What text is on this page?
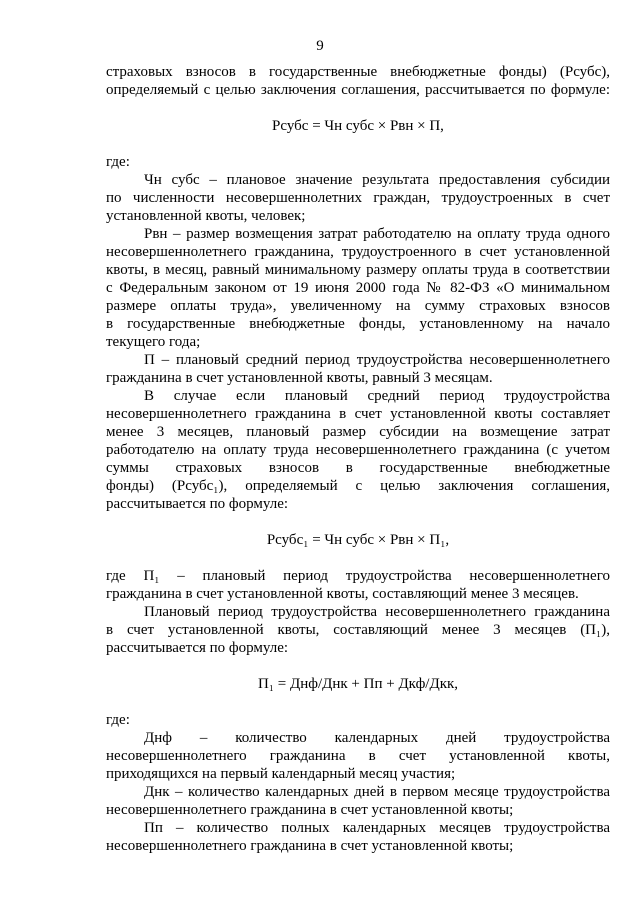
9
страховых взносов в государственные внебюджетные фонды) (Рсубс),
определяемый с целью заключения соглашения, рассчитывается по формуле:
Рсубс = Чн субс × Рвн × П,
где:
Чн субс – плановое значение результата предоставления субсидии
по численности несовершеннолетних граждан, трудоустроенных в счет
установленной квоты, человек;
Рвн – размер возмещения затрат работодателю на оплату труда одного
несовершеннолетнего гражданина, трудоустроенного в счет установленной
квоты, в месяц, равный минимальному размеру оплаты труда в соответствии
с Федеральным законом от 19 июня 2000 года № 82-ФЗ «О минимальном
размере оплаты труда», увеличенному на сумму страховых взносов
в государственные внебюджетные фонды, установленному на начало
текущего года;
П – плановый средний период трудоустройства несовершеннолетнего
гражданина в счет установленной квоты, равный 3 месяцам.
В случае если плановый средний период трудоустройства
несовершеннолетнего гражданина в счет установленной квоты составляет
менее 3 месяцев, плановый размер субсидии на возмещение затрат
работодателю на оплату труда несовершеннолетнего гражданина (с учетом
суммы страховых взносов в государственные внебюджетные
фонды) (Рсубс₁), определяемый с целью заключения соглашения,
рассчитывается по формуле:
Рсубс₁ = Чн субс × Рвн × П₁,
где П₁ – плановый период трудоустройства несовершеннолетнего
гражданина в счет установленной квоты, составляющий менее 3 месяцев.
Плановый период трудоустройства несовершеннолетнего гражданина
в счет установленной квоты, составляющий менее 3 месяцев (П₁),
рассчитывается по формуле:
П₁ = Днф/Днк + Пп + Дкф/Дкк,
где:
Днф – количество календарных дней трудоустройства
несовершеннолетнего гражданина в счет установленной квоты,
приходящихся на первый календарный месяц участия;
Днк – количество календарных дней в первом месяце трудоустройства
несовершеннолетнего гражданина в счет установленной квоты;
Пп – количество полных календарных месяцев трудоустройства
несовершеннолетнего гражданина в счет установленной квоты;
